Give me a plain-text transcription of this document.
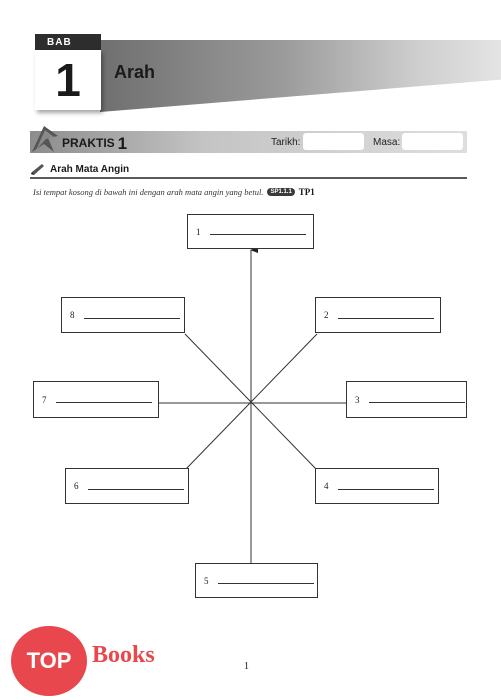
BAB
1	Arah
PRAKTIS 1	Tarikh:	Masa:
Arah Mata Angin
Isi tempat kosong di bawah ini dengan arah mata angin yang betul.	SP1.1.1 TP1
1
2
3
4
5
6
7
8
1
TOP Books
